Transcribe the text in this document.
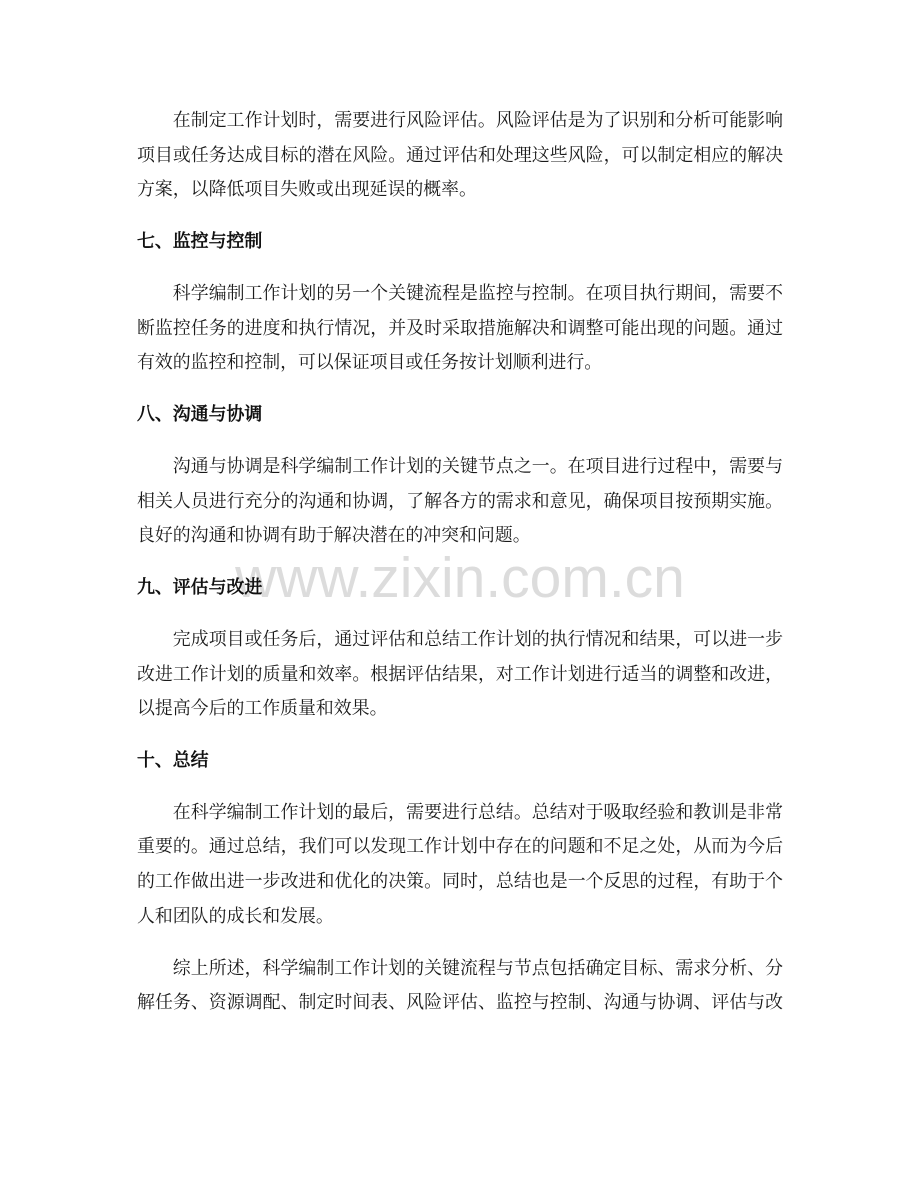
www.zixin.com.cn
在制定工作计划时，需要进行风险评估。风险评估是为了识别和分析可能影响
项目或任务达成目标的潜在风险。通过评估和处理这些风险，可以制定相应的解决
方案，以降低项目失败或出现延误的概率。
七、监控与控制
科学编制工作计划的另一个关键流程是监控与控制。在项目执行期间，需要不
断监控任务的进度和执行情况，并及时采取措施解决和调整可能出现的问题。通过
有效的监控和控制，可以保证项目或任务按计划顺利进行。
八、沟通与协调
沟通与协调是科学编制工作计划的关键节点之一。在项目进行过程中，需要与
相关人员进行充分的沟通和协调，了解各方的需求和意见，确保项目按预期实施。
良好的沟通和协调有助于解决潜在的冲突和问题。
九、评估与改进
完成项目或任务后，通过评估和总结工作计划的执行情况和结果，可以进一步
改进工作计划的质量和效率。根据评估结果，对工作计划进行适当的调整和改进，
以提高今后的工作质量和效果。
十、总结
在科学编制工作计划的最后，需要进行总结。总结对于吸取经验和教训是非常
重要的。通过总结，我们可以发现工作计划中存在的问题和不足之处，从而为今后
的工作做出进一步改进和优化的决策。同时，总结也是一个反思的过程，有助于个
人和团队的成长和发展。
综上所述，科学编制工作计划的关键流程与节点包括确定目标、需求分析、分
解任务、资源调配、制定时间表、风险评估、监控与控制、沟通与协调、评估与改
